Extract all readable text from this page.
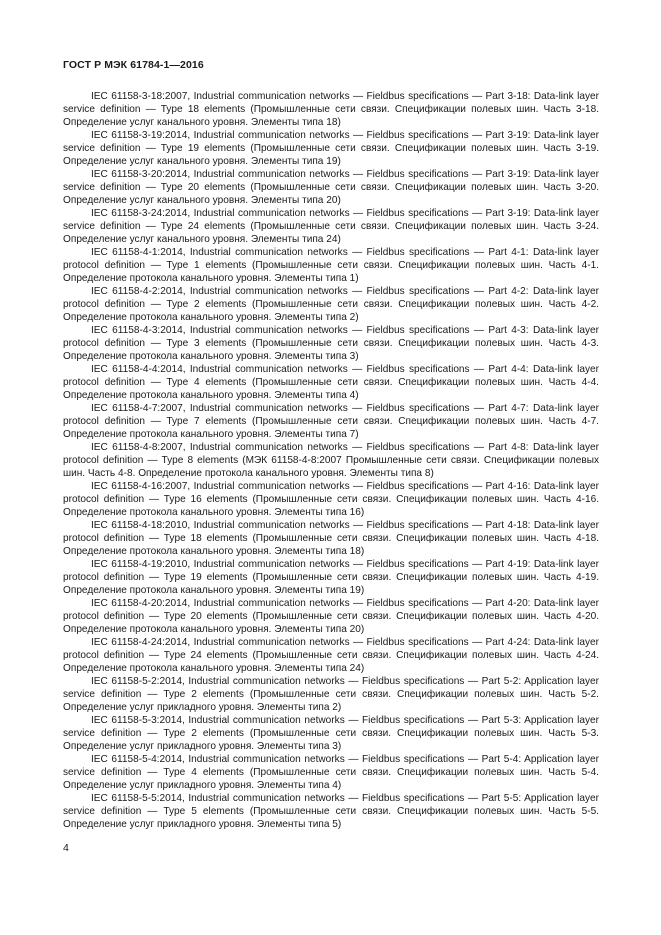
ГОСТ Р МЭК 61784-1—2016

IEC 61158-3-18:2007, Industrial communication networks — Fieldbus specifications — Part 3-18: Data-link layer service definition — Type 18 elements (Промышленные сети связи. Спецификации полевых шин. Часть 3-18. Определение услуг канального уровня. Элементы типа 18)

IEC 61158-3-19:2014, Industrial communication networks — Fieldbus specifications — Part 3-19: Data-link layer service definition — Type 19 elements (Промышленные сети связи. Спецификации полевых шин. Часть 3-19. Определение услуг канального уровня. Элементы типа 19)

IEC 61158-3-20:2014, Industrial communication networks — Fieldbus specifications — Part 3-19: Data-link layer service definition — Type 20 elements (Промышленные сети связи. Спецификации полевых шин. Часть 3-20. Определение услуг канального уровня. Элементы типа 20)

IEC 61158-3-24:2014, Industrial communication networks — Fieldbus specifications — Part 3-19: Data-link layer service definition — Type 24 elements (Промышленные сети связи. Спецификации полевых шин. Часть 3-24. Определение услуг канального уровня. Элементы типа 24)

IEC 61158-4-1:2014, Industrial communication networks — Fieldbus specifications — Part 4-1: Data-link layer protocol definition — Type 1 elements (Промышленные сети связи. Спецификации полевых шин. Часть 4-1. Определение протокола канального уровня. Элементы типа 1)

IEC 61158-4-2:2014, Industrial communication networks — Fieldbus specifications — Part 4-2: Data-link layer protocol definition — Type 2 elements (Промышленные сети связи. Спецификации полевых шин. Часть 4-2. Определение протокола канального уровня. Элементы типа 2)

IEC 61158-4-3:2014, Industrial communication networks — Fieldbus specifications — Part 4-3: Data-link layer protocol definition — Type 3 elements (Промышленные сети связи. Спецификации полевых шин. Часть 4-3. Определение протокола канального уровня. Элементы типа 3)

IEC 61158-4-4:2014, Industrial communication networks — Fieldbus specifications — Part 4-4: Data-link layer protocol definition — Type 4 elements (Промышленные сети связи. Спецификации полевых шин. Часть 4-4. Определение протокола канального уровня. Элементы типа 4)

IEC 61158-4-7:2007, Industrial communication networks — Fieldbus specifications — Part 4-7: Data-link layer protocol definition — Type 7 elements (Промышленные сети связи. Спецификации полевых шин. Часть 4-7. Определение протокола канального уровня. Элементы типа 7)

IEC 61158-4-8:2007, Industrial communication networks — Fieldbus specifications — Part 4-8: Data-link layer protocol definition — Type 8 elements (МЭК 61158-4-8:2007 Промышленные сети связи. Спецификации полевых шин. Часть 4-8. Определение протокола канального уровня. Элементы типа 8)

IEC 61158-4-16:2007, Industrial communication networks — Fieldbus specifications — Part 4-16: Data-link layer protocol definition — Type 16 elements (Промышленные сети связи. Спецификации полевых шин. Часть 4-16. Определение протокола канального уровня. Элементы типа 16)

IEC 61158-4-18:2010, Industrial communication networks — Fieldbus specifications — Part 4-18: Data-link layer protocol definition — Type 18 elements (Промышленные сети связи. Спецификации полевых шин. Часть 4-18. Определение протокола канального уровня. Элементы типа 18)

IEC 61158-4-19:2010, Industrial communication networks — Fieldbus specifications — Part 4-19: Data-link layer protocol definition — Type 19 elements (Промышленные сети связи. Спецификации полевых шин. Часть 4-19. Определение протокола канального уровня. Элементы типа 19)

IEC 61158-4-20:2014, Industrial communication networks — Fieldbus specifications — Part 4-20: Data-link layer protocol definition — Type 20 elements (Промышленные сети связи. Спецификации полевых шин. Часть 4-20. Определение протокола канального уровня. Элементы типа 20)

IEC 61158-4-24:2014, Industrial communication networks — Fieldbus specifications — Part 4-24: Data-link layer protocol definition — Type 24 elements (Промышленные сети связи. Спецификации полевых шин. Часть 4-24. Определение протокола канального уровня. Элементы типа 24)

IEC 61158-5-2:2014, Industrial communication networks — Fieldbus specifications — Part 5-2: Application layer service definition — Type 2 elements (Промышленные сети связи. Спецификации полевых шин. Часть 5-2. Определение услуг прикладного уровня. Элементы типа 2)

IEC 61158-5-3:2014, Industrial communication networks — Fieldbus specifications — Part 5-3: Application layer service definition — Type 2 elements (Промышленные сети связи. Спецификации полевых шин. Часть 5-3. Определение услуг прикладного уровня. Элементы типа 3)

IEC 61158-5-4:2014, Industrial communication networks — Fieldbus specifications — Part 5-4: Application layer service definition — Type 4 elements (Промышленные сети связи. Спецификации полевых шин. Часть 5-4. Определение услуг прикладного уровня. Элементы типа 4)

IEC 61158-5-5:2014, Industrial communication networks — Fieldbus specifications — Part 5-5: Application layer service definition — Type 5 elements (Промышленные сети связи. Спецификации полевых шин. Часть 5-5. Определение услуг прикладного уровня. Элементы типа 5)

4
